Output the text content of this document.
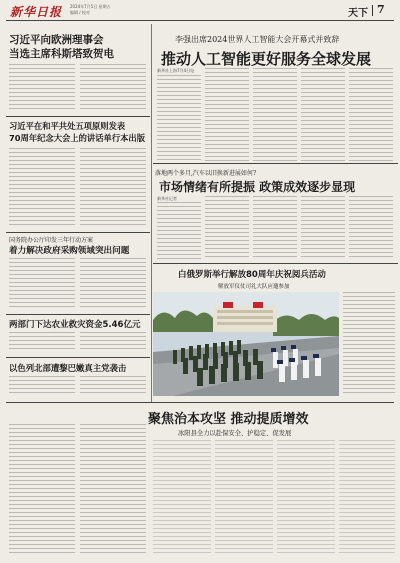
新华日报 2024年7月5日 星期五
编辑 / 校对	天下 7
习近平向欧洲理事会
当选主席科斯塔致贺电
习近平在和平共处五项原则发表
70周年纪念大会上的讲话单行本出版
国务院办公厅印发三年行动方案
着力解决政府采购领域突出问题
两部门下达农业救灾资金5.46亿元
以色列北部遭黎巴嫩真主党袭击
李强出席2024世界人工智能大会开幕式并致辞
推动人工智能更好服务全球发展
新华社上海7月4日电
落地两个多月,汽车以旧换新进展如何?
市场情绪有所提振 政策成效逐步显现
新华社记者
白俄罗斯举行解放80周年庆祝阅兵活动
解放军仪仗司礼大队应邀参加
聚焦治本攻坚 推动提质增效
冰阳县全力以赴保安全、护稳定、促发展
